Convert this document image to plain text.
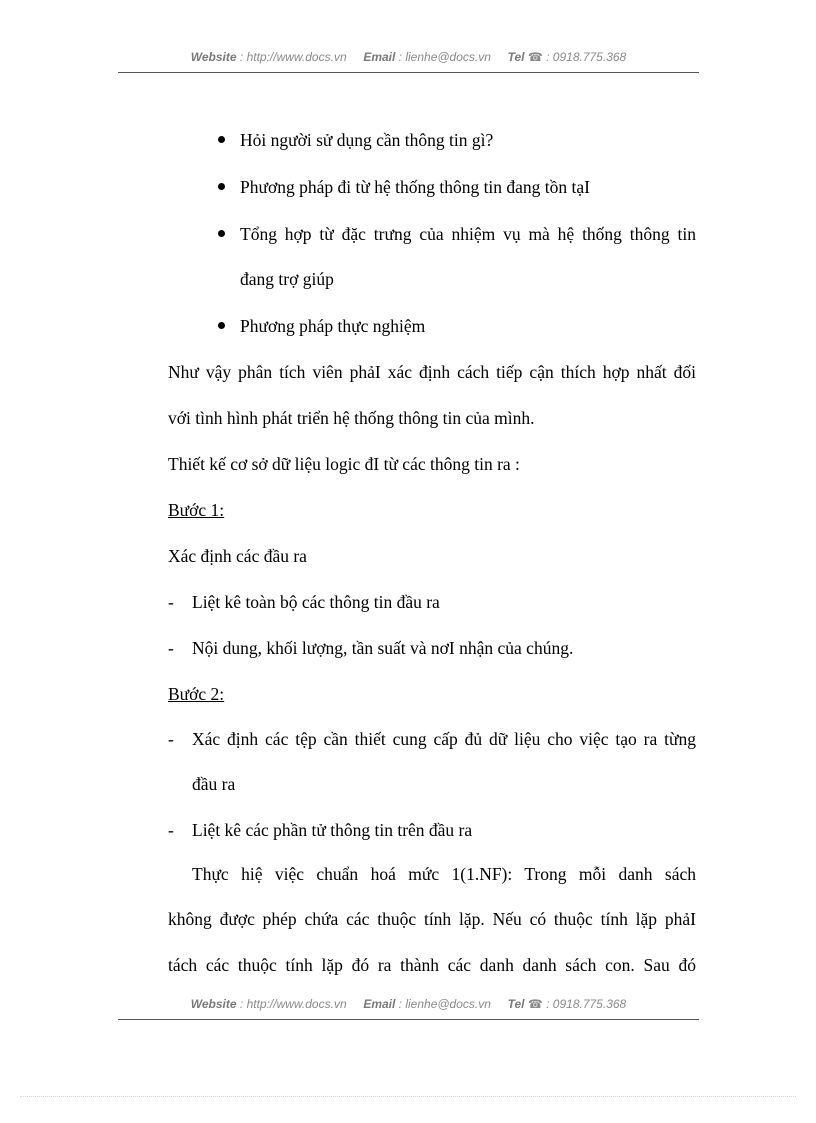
Website : http://www.docs.vn Email : lienhe@docs.vn Tel ☎ : 0918.775.368
Hỏi người sử dụng cần thông tin gì?
Phương pháp đi từ hệ thống thông tin đang tồn tạI
Tổng hợp từ đặc trưng của nhiệm vụ mà hệ thống thông tin
đang trợ giúp
Phương pháp thực nghiệm
Như vậy phân tích viên phảI xác định cách tiếp cận thích hợp nhất đối
với tình hình phát triển hệ thống thông tin của mình.
Thiết kế cơ sở dữ liệu logic đI từ các thông tin ra :
Bước 1:
Xác định các đầu ra
- Liệt kê toàn bộ các thông tin đầu ra
- Nội dung, khối lượng, tần suất và nơI nhận của chúng.
Bước 2:
- Xác định các tệp cần thiết cung cấp đủ dữ liệu cho việc tạo ra từng
đầu ra
- Liệt kê các phần tử thông tin trên đầu ra
Thực hiệ việc chuẩn hoá mức 1(1.NF): Trong mỗi danh sách
không được phép chứa các thuộc tính lặp. Nếu có thuộc tính lặp phảI
tách các thuộc tính lặp đó ra thành các danh danh sách con. Sau đó
Website : http://www.docs.vn Email : lienhe@docs.vn Tel ☎ : 0918.775.368
